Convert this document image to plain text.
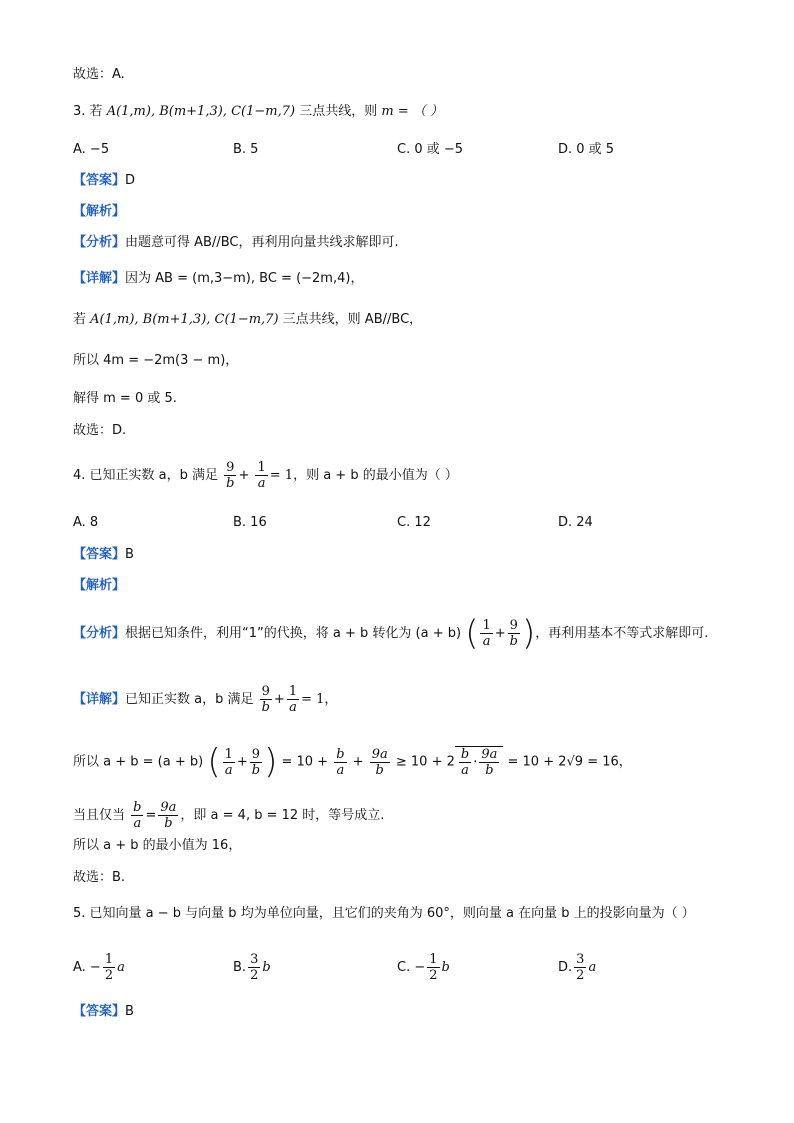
故选：A.
3. 若 A(1,m), B(m+1,3), C(1−m,7) 三点共线，则 m = （ ）
A. −5	B. 5	C. 0 或 −5	D. 0 或 5
【答案】D
【解析】
【分析】由题意可得 AB//BC，再利用向量共线求解即可.
【详解】因为 AB = (m,3−m), BC = (−2m,4)，
若 A(1,m), B(m+1,3), C(1−m,7) 三点共线，则 AB//BC，
所以 4m = −2m(3 − m)，
解得 m = 0 或 5.
故选：D.
4. 已知正实数 a，b 满足 $\frac{9}{b} + \frac{1}{a} = 1$，则 a + b 的最小值为（ ）
A. 8	B. 16	C. 12	D. 24
【答案】B
【解析】
【分析】根据已知条件，利用“1”的代换，将 a + b 转化为 (a + b) ( $\frac{1}{a} + \frac{9}{b}$ )，再利用基本不等式求解即可.
【详解】已知正实数 a，b 满足 $\frac{9}{b} + \frac{1}{a} = 1$，
所以 a + b = (a + b) ( $\frac{1}{a} + \frac{9}{b}$ ) = $10 + \frac{b}{a} + \frac{9a}{b} \ge 10 + 2 \frac{b}{a} \cdot \frac{9a}{b} = 10 + 2√9 = 16$，
当且仅当 $\frac{b}{a} = \frac{9a}{b}$ ，即 a = 4, b = 12 时，等号成立.
所以 a + b 的最小值为 16，
故选：B.
5. 已知向量 a − b 与向量 b 均为单位向量，且它们的夹角为 60°，则向量 a 在向量 b 上的投影向量为（ ）
A. − $\frac{1}{2}$ a	B. $\frac{3}{2}$ b	C. − $\frac{1}{2}$ b	D. $\frac{3}{2}$ a
【答案】B
